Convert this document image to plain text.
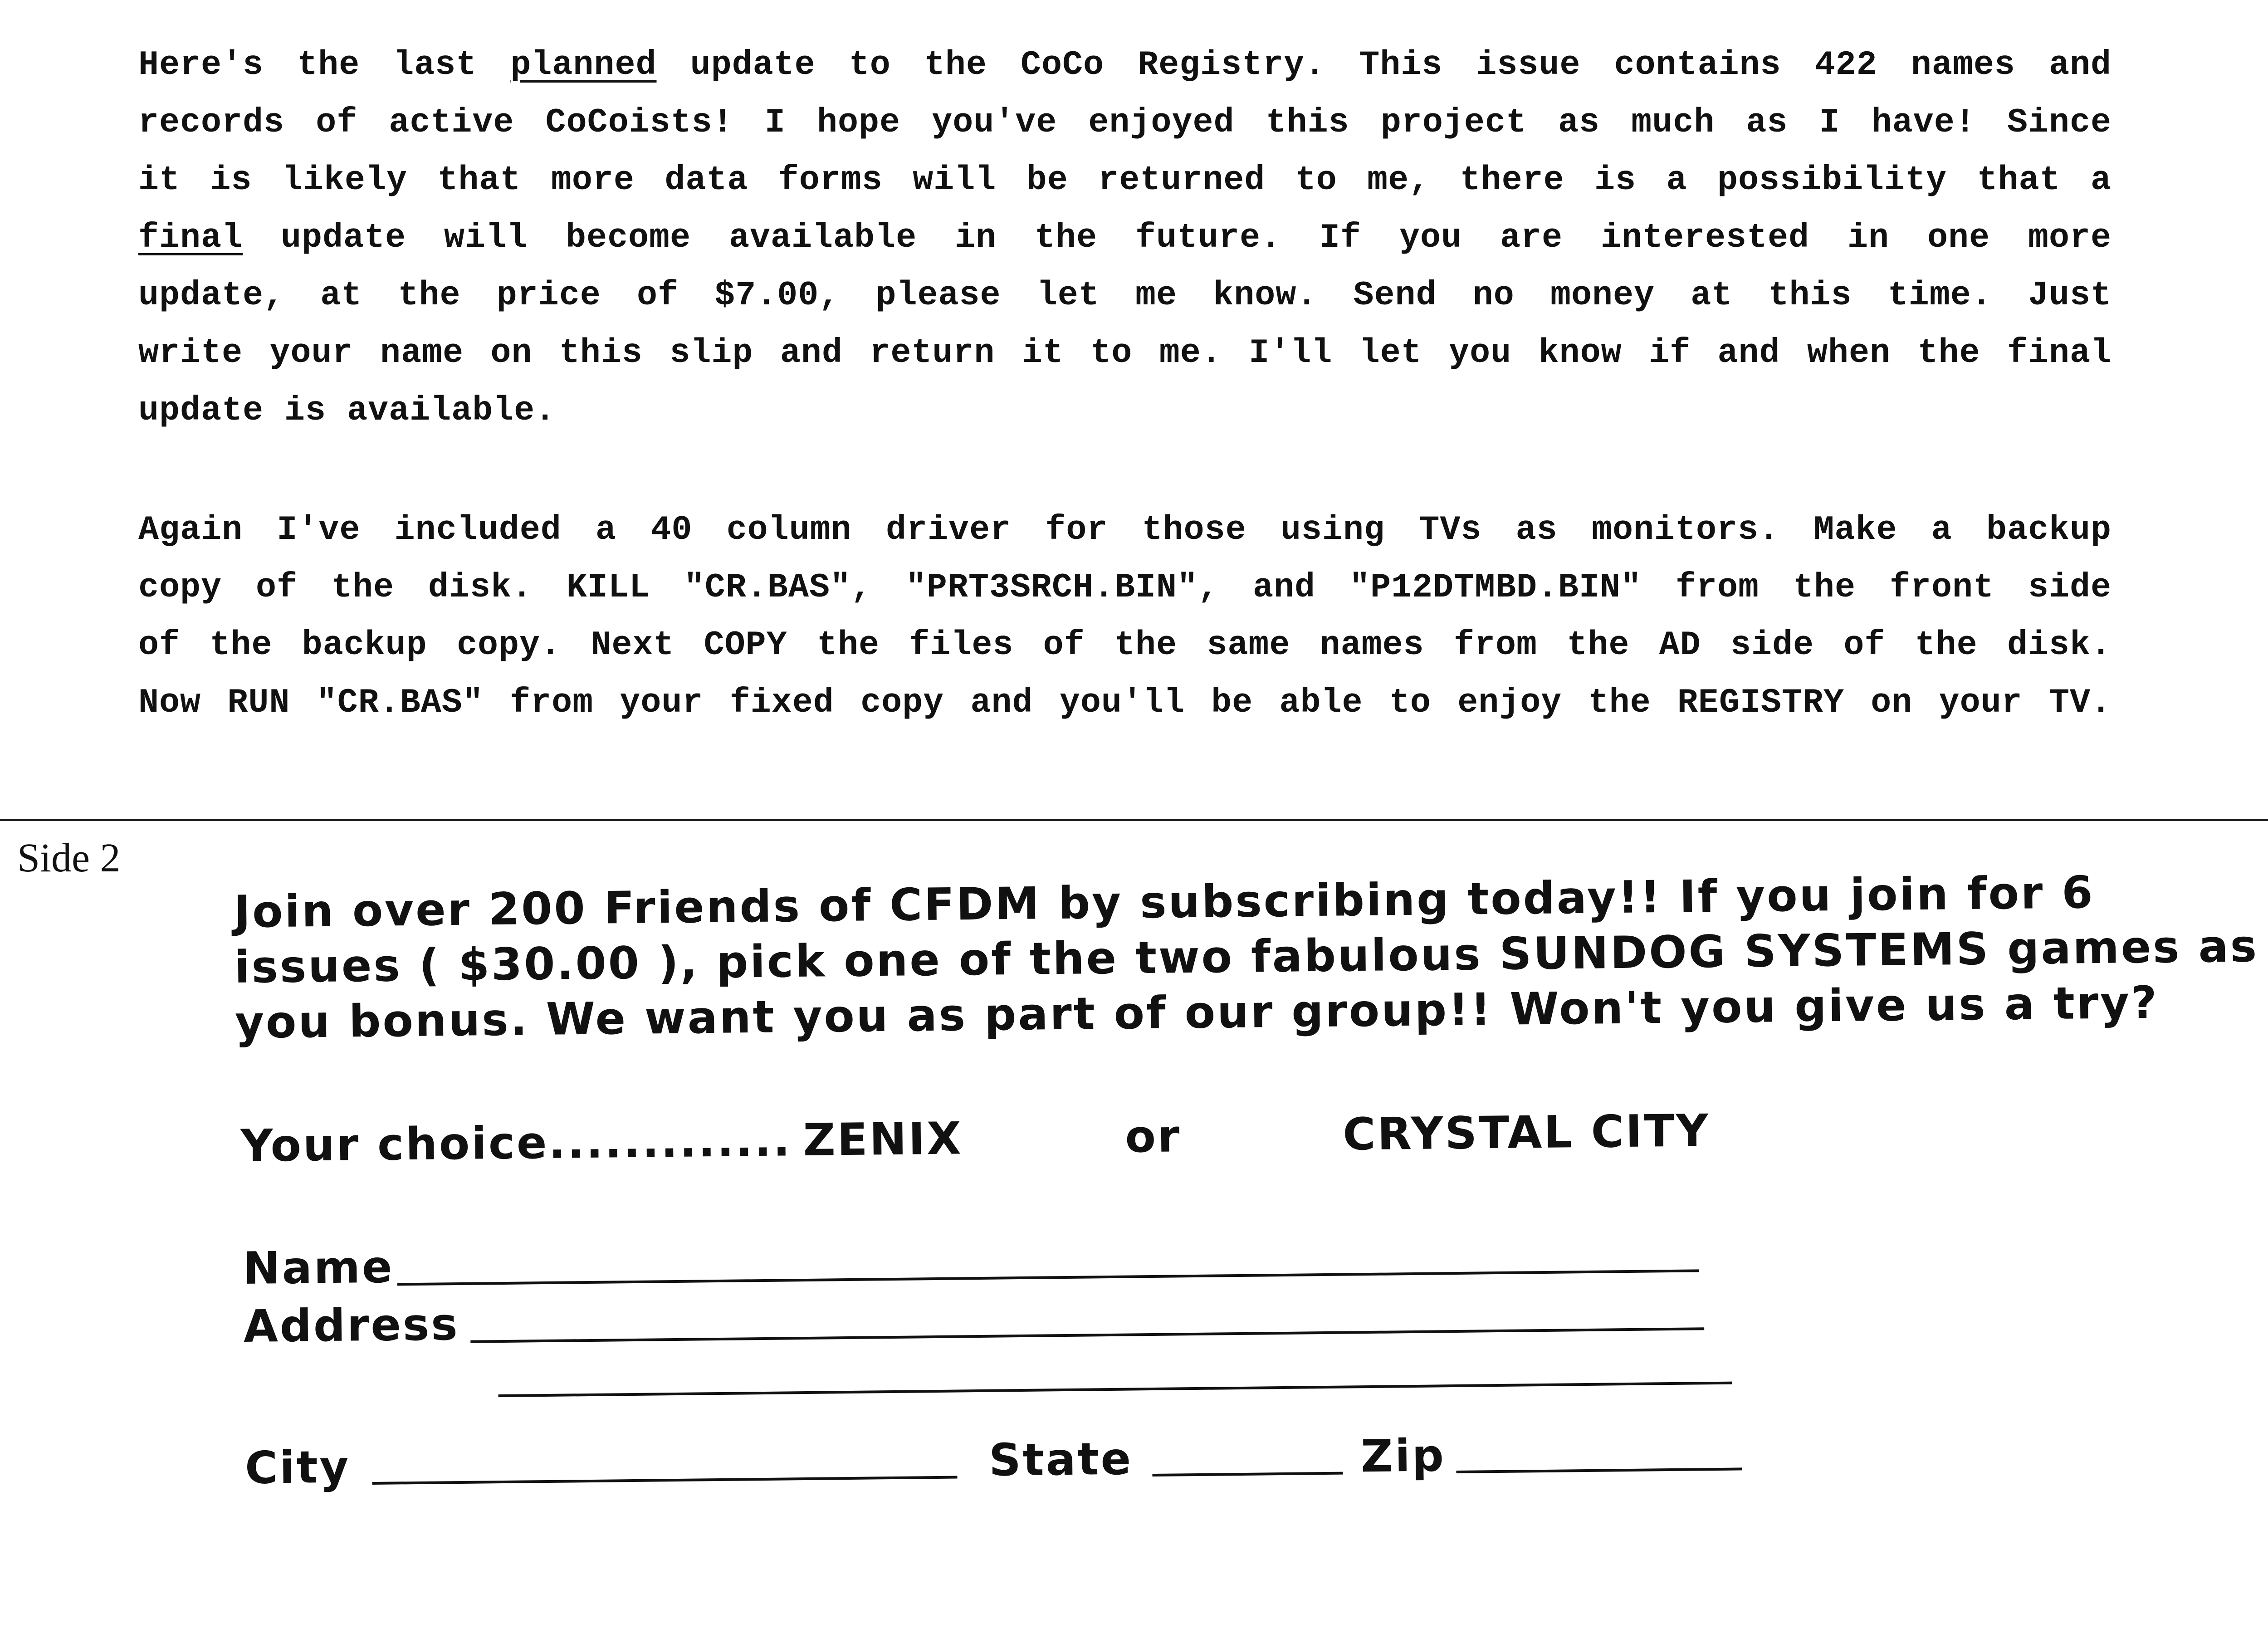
Here's the last planned update to the CoCo Registry. This issue contains 422 names and
records of active CoCoists! I hope you've enjoyed this project as much as I have! Since
it is likely that more data forms will be returned to me, there is a possibility that a
final update will become available in the future. If you are interested in one more
update, at the price of $7.00, please let me know. Send no money at this time. Just
write your name on this slip and return it to me. I'll let you know if and when the final
update is available.
Again I've included a 40 column driver for those using TVs as monitors. Make a backup
copy of the disk. KILL "CR.BAS", "PRT3SRCH.BIN", and "P12DTMBD.BIN" from the front side
of the backup copy. Next COPY the files of the same names from the AD side of the disk.
Now RUN "CR.BAS" from your fixed copy and you'll be able to enjoy the REGISTRY on your TV.
Side 2
Join over 200 Friends of CFDM by subscribing today!! If you join for 6
issues ( $30.00 ), pick one of the two fabulous SUNDOG SYSTEMS games as
you bonus. We want you as part of our group!! Won't you give us a try?
Your choice............. ZENIX	or	CRYSTAL CITY
Name
Address
City	State	Zip
